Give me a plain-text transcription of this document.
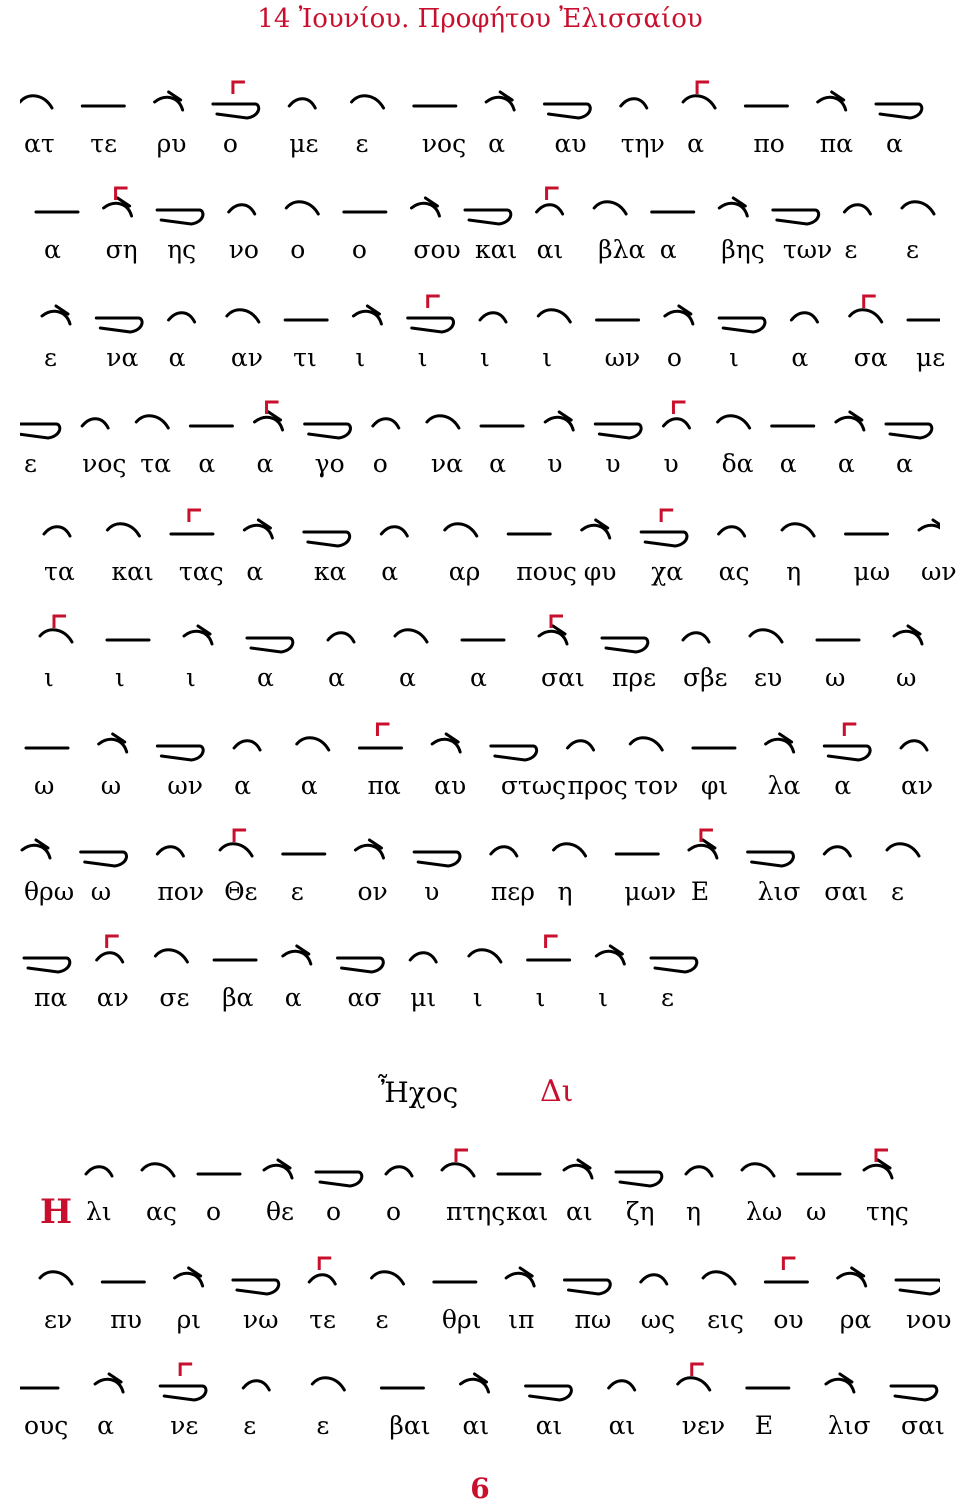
14 Ἰουνίου. Προφήτου Ἐλισσαίου
ατ τε ρυ ο με ε νος α αυ την α πο πα α
α ση ης νο ο ο σου και αι βλα α βης των ε ε
ε να α αν τι ι ι ι ι ων ο ι α σα με
ε νος τα α α γο ο να α υ υ υ δα α α α
τα και τας α κα α αρ πους φυ χα ας η μω ων
ι ι ι α α α α σαι πρε σβε ευ ω ω
ω ω ων α α πα αυ στως προς τον φι λα α αν
θρω ω πον Θε ε ον υ περ η μων Ε λισ σαι ε
πα αν σε βα α ασ μι ι ι ι ε
λι ας ο θε ο ο πτης και αι ζη η λω ω της
εν πυ ρι νω τε ε θρι ιπ πω ως εις ου ρα νου
ους α νε ε ε βαι αι αι αι νεν Ε λισ σαι
Ἦχος	Δι
Η
6
